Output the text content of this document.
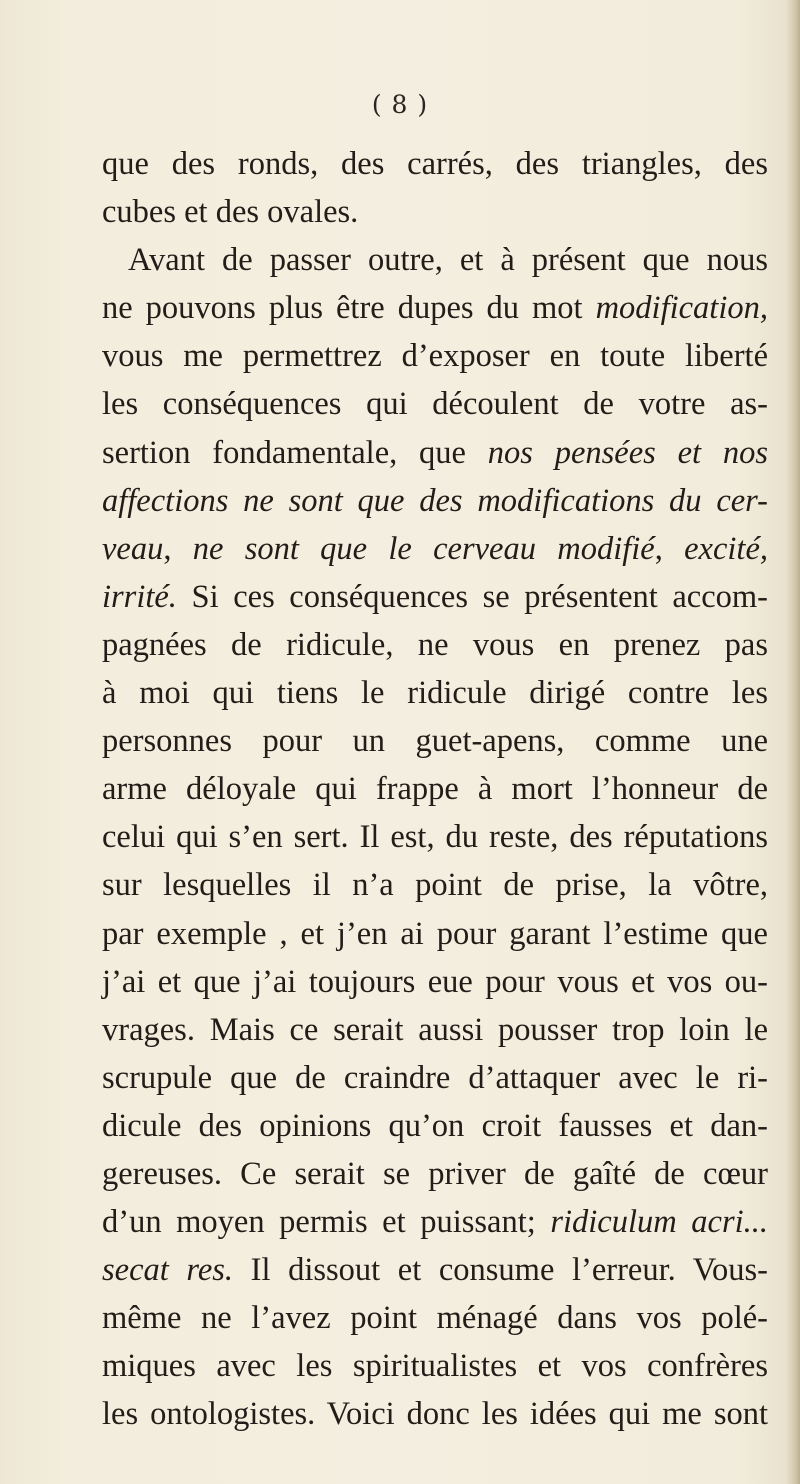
( 8 )
que des ronds, des carrés, des triangles, des
cubes et des ovales.
Avant de passer outre, et à présent que nous
ne pouvons plus être dupes du mot modification,
vous me permettrez d’exposer en toute liberté
les conséquences qui découlent de votre as-
sertion fondamentale, que nos pensées et nos
affections ne sont que des modifications du cer-
veau, ne sont que le cerveau modifié, excité,
irrité. Si ces conséquences se présentent accom-
pagnées de ridicule, ne vous en prenez pas
à moi qui tiens le ridicule dirigé contre les
personnes pour un guet-apens, comme une
arme déloyale qui frappe à mort l’honneur de
celui qui s’en sert. Il est, du reste, des réputations
sur lesquelles il n’a point de prise, la vôtre,
par exemple , et j’en ai pour garant l’estime que
j’ai et que j’ai toujours eue pour vous et vos ou-
vrages. Mais ce serait aussi pousser trop loin le
scrupule que de craindre d’attaquer avec le ri-
dicule des opinions qu’on croit fausses et dan-
gereuses. Ce serait se priver de gaîté de cœur
d’un moyen permis et puissant; ridiculum acri...
secat res. Il dissout et consume l’erreur. Vous-
même ne l’avez point ménagé dans vos polé-
miques avec les spiritualistes et vos confrères
les ontologistes. Voici donc les idées qui me sont
